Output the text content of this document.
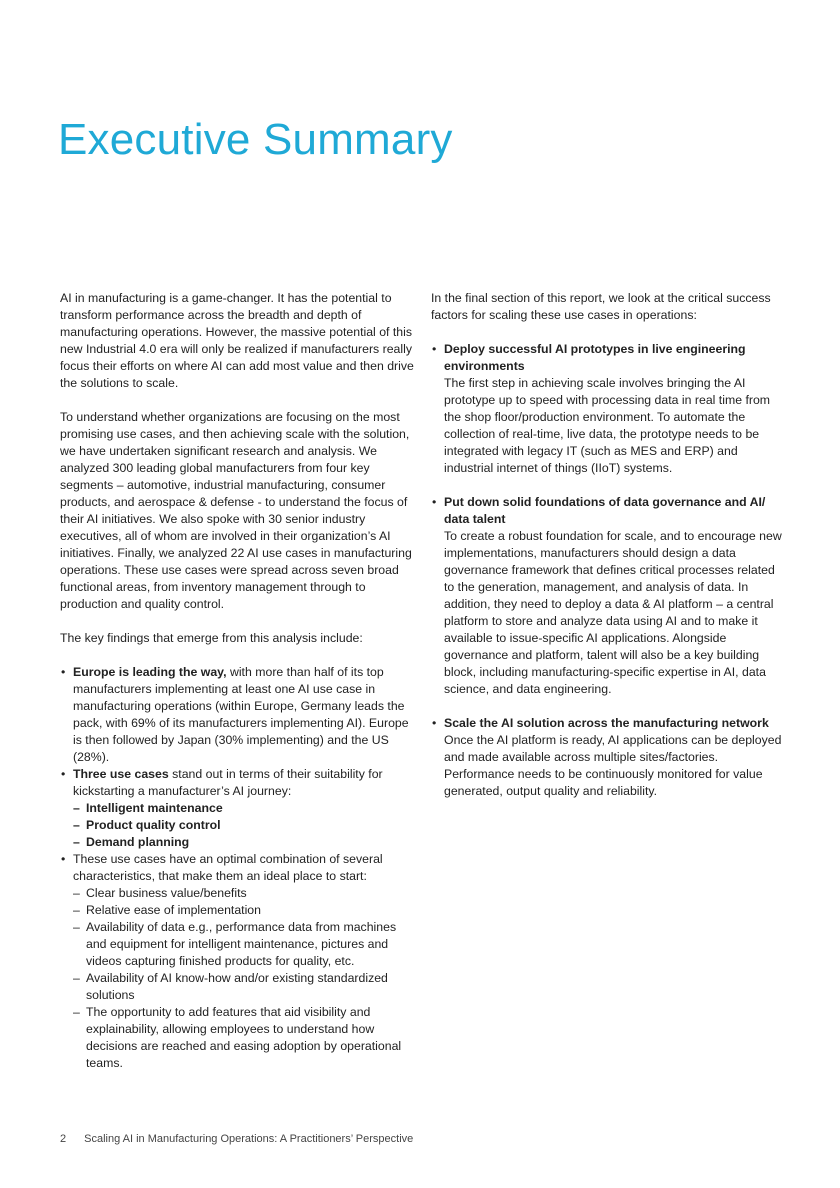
Executive Summary

AI in manufacturing is a game-changer. It has the potential to transform performance across the breadth and depth of manufacturing operations. However, the massive potential of this new Industrial 4.0 era will only be realized if manufacturers really focus their efforts on where AI can add most value and then drive the solutions to scale.

To understand whether organizations are focusing on the most promising use cases, and then achieving scale with the solution, we have undertaken significant research and analysis. We analyzed 300 leading global manufacturers from four key segments – automotive, industrial manufacturing, consumer products, and aerospace & defense - to understand the focus of their AI initiatives. We also spoke with 30 senior industry executives, all of whom are involved in their organization’s AI initiatives. Finally, we analyzed 22 AI use cases in manufacturing operations. These use cases were spread across seven broad functional areas, from inventory management through to production and quality control.

The key findings that emerge from this analysis include:

• Europe is leading the way, with more than half of its top manufacturers implementing at least one AI use case in manufacturing operations (within Europe, Germany leads the pack, with 69% of its manufacturers implementing AI). Europe is then followed by Japan (30% implementing) and the US (28%).
• Three use cases stand out in terms of their suitability for kickstarting a manufacturer’s AI journey:
– Intelligent maintenance
– Product quality control
– Demand planning
• These use cases have an optimal combination of several characteristics, that make them an ideal place to start:
– Clear business value/benefits
– Relative ease of implementation
– Availability of data e.g., performance data from machines and equipment for intelligent maintenance, pictures and videos capturing finished products for quality, etc.
– Availability of AI know-how and/or existing standardized solutions
– The opportunity to add features that aid visibility and explainability, allowing employees to understand how decisions are reached and easing adoption by operational teams.

In the final section of this report, we look at the critical success factors for scaling these use cases in operations:

• Deploy successful AI prototypes in live engineering environments
The first step in achieving scale involves bringing the AI prototype up to speed with processing data in real time from the shop floor/production environment. To automate the collection of real-time, live data, the prototype needs to be integrated with legacy IT (such as MES and ERP) and industrial internet of things (IIoT) systems.
• Put down solid foundations of data governance and AI/ data talent
To create a robust foundation for scale, and to encourage new implementations, manufacturers should design a data governance framework that defines critical processes related to the generation, management, and analysis of data. In addition, they need to deploy a data & AI platform – a central platform to store and analyze data using AI and to make it available to issue-specific AI applications. Alongside governance and platform, talent will also be a key building block, including manufacturing-specific expertise in AI, data science, and data engineering.
• Scale the AI solution across the manufacturing network
Once the AI platform is ready, AI applications can be deployed and made available across multiple sites/factories. Performance needs to be continuously monitored for value generated, output quality and reliability.
2 Scaling AI in Manufacturing Operations: A Practitioners’ Perspective
